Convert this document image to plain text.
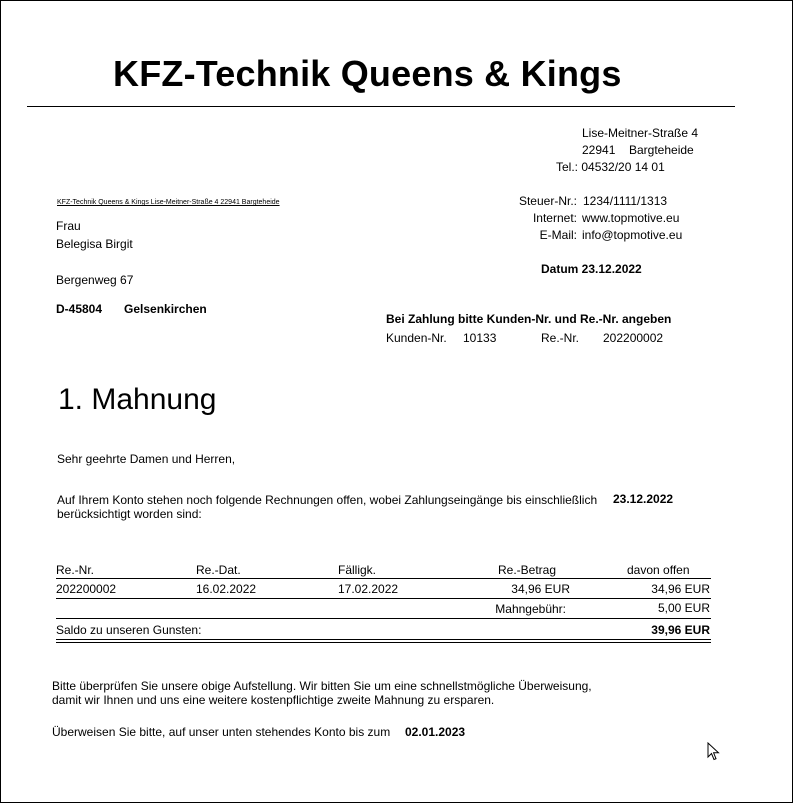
KFZ-Technik Queens & Kings
Lise-Meitner-Straße 4
22941 Bargteheide
Tel.: 04532/20 14 01
Steuer-Nr.: 1234/1111/1313
Internet: www.topmotive.eu
E-Mail: info@topmotive.eu
Datum 23.12.2022
KFZ-Technik Queens & Kings Lise-Meitner-Straße 4 22941 Bargteheide
Frau
Belegisa Birgit
Bergenweg 67
D-45804 Gelsenkirchen
Bei Zahlung bitte Kunden-Nr. und Re.-Nr. angeben
Kunden-Nr. 10133	Re.-Nr. 202200002
1. Mahnung
Sehr geehrte Damen und Herren,
Auf Ihrem Konto stehen noch folgende Rechnungen offen, wobei Zahlungseingänge bis einschließlich 23.12.2022
berücksichtigt worden sind:
Re.-Nr.	Re.-Dat.	Fälligk.	Re.-Betrag	davon offen
202200002	16.02.2022	17.02.2022	34,96 EUR	34,96 EUR
Mahngebühr:	5,00 EUR
Saldo zu unseren Gunsten:	39,96 EUR
Bitte überprüfen Sie unsere obige Aufstellung. Wir bitten Sie um eine schnellstmögliche Überweisung,
damit wir Ihnen und uns eine weitere kostenpflichtige zweite Mahnung zu ersparen.
Überweisen Sie bitte, auf unser unten stehendes Konto bis zum 02.01.2023
